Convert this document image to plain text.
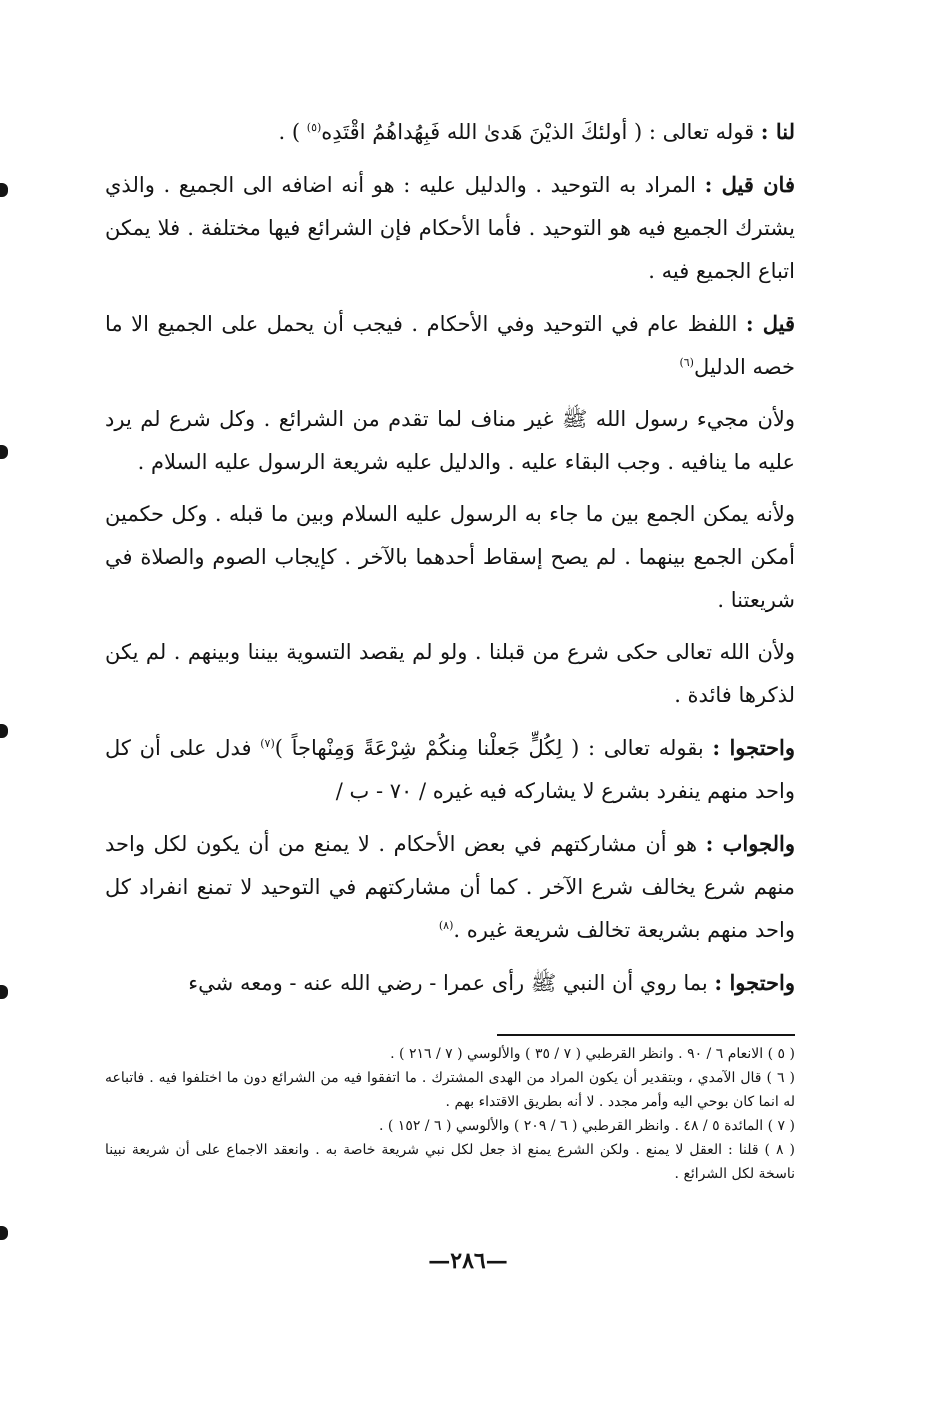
لنا : قوله تعالى : ( أولئكَ الذيْنَ هَدىٰ الله فَبِهُداهُمُ اقْتَدِه$^{(٥)}$ ) .

فان قيل : المراد به التوحيد . والدليل عليه : هو أنه اضافه الى الجميع . والذي يشترك الجميع فيه هو التوحيد . فأما الأحكام فإن الشرائع فيها مختلفة . فلا يمكن اتباع الجميع فيه .

قيل : اللفظ عام في التوحيد وفي الأحكام . فيجب أن يحمل على الجميع الا ما خصه الدليل$^{(٦)}$

ولأن مجيء رسول الله ﷺ غير مناف لما تقدم من الشرائع . وكل شرع لم يرد عليه ما ينافيه . وجب البقاء عليه . والدليل عليه شريعة الرسول عليه السلام .

ولأنه يمكن الجمع بين ما جاء به الرسول عليه السلام وبين ما قبله . وكل حكمين أمكن الجمع بينهما . لم يصح إسقاط أحدهما بالآخر . كإيجاب الصوم والصلاة في شريعتنا .

ولأن الله تعالى حكى شرع من قبلنا . ولو لم يقصد التسوية بيننا وبينهم . لم يكن لذكرها فائدة .

واحتجوا : بقوله تعالى : ( لِكُلٍّ جَعلْنا مِنكُمْ شِرْعَةً وَمِنْهاجاً )$^{(٧)}$ فدل على أن كل واحد منهم ينفرد بشرع لا يشاركه فيه غيره / ٧٠ - ب /

والجواب : هو أن مشاركتهم في بعض الأحكام . لا يمنع من أن يكون لكل واحد منهم شرع يخالف شرع الآخر . كما أن مشاركتهم في التوحيد لا تمنع انفراد كل واحد منهم بشريعة تخالف شريعة غيره .$^{(٨)}$

واحتجوا : بما روي أن النبي ﷺ رأى عمرا - رضي الله عنه - ومعه شيء

( ٥ ) الانعام ٦ / ٩٠ . وانظر القرطبي ( ٧ / ٣٥ ) والألوسي ( ٧ / ٢١٦ ) .

( ٦ ) قال الآمدي ، وبتقدير أن يكون المراد من الهدى المشترك . ما اتفقوا فيه من الشرائع دون ما اختلفوا فيه . فاتباعه له انما كان بوحي اليه وأمر مجدد . لا أنه بطريق الاقتداء بهم .

( ٧ ) المائدة ٥ / ٤٨ . وانظر القرطبي ( ٦ / ٢٠٩ ) والألوسي ( ٦ / ١٥٢ ) .

( ٨ ) قلنا : العقل لا يمنع . ولكن الشرع يمنع اذ جعل لكل نبي شريعة خاصة به . وانعقد الاجماع على أن شريعة نبينا ناسخة لكل الشرائع .

—٢٨٦—
